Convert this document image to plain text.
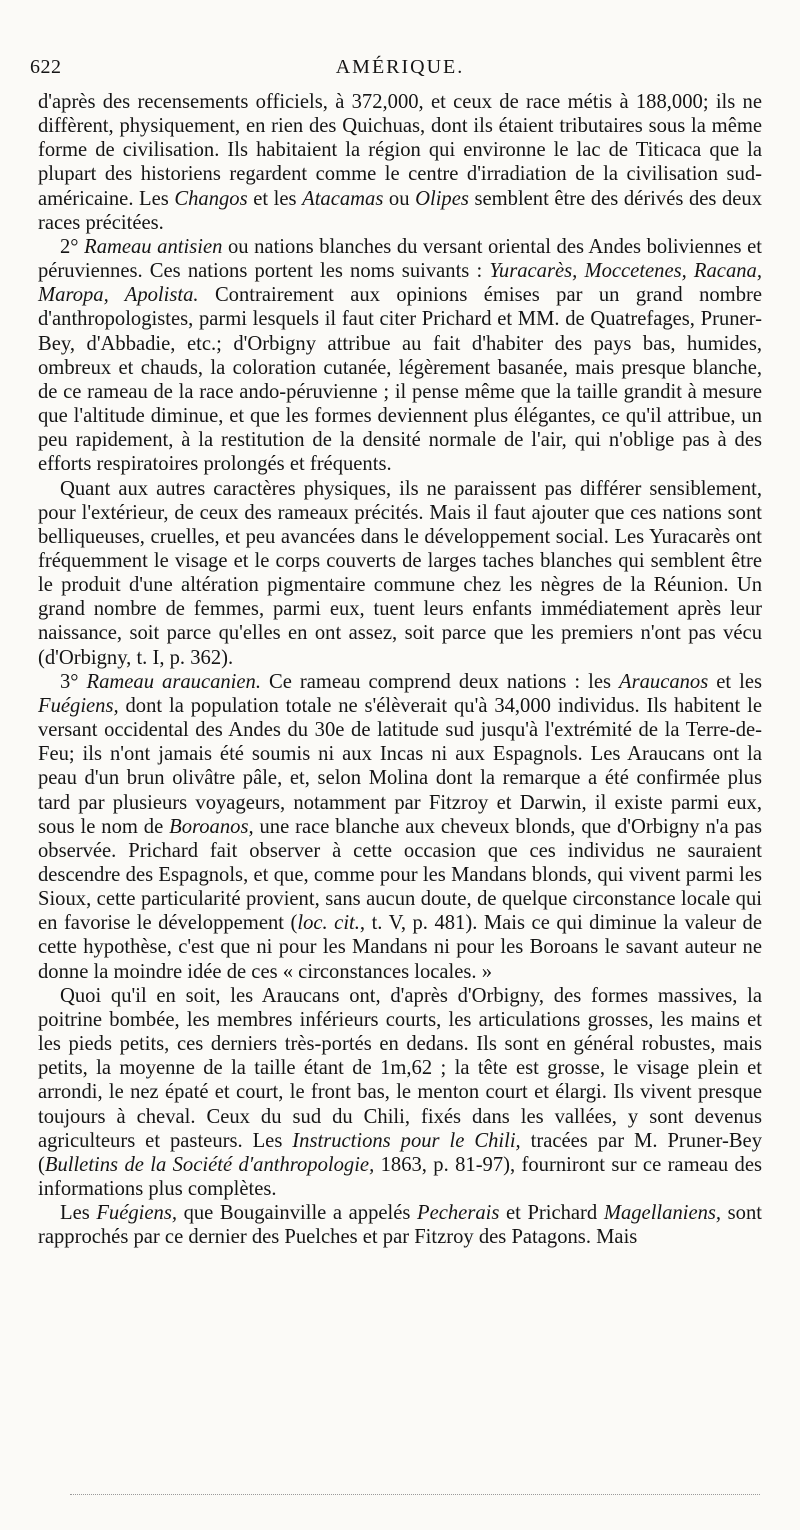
622	AMÉRIQUE.

d'après des recensements officiels, à 372,000, et ceux de race métis à 188,000; ils ne diffèrent, physiquement, en rien des Quichuas, dont ils étaient tributaires sous la même forme de civilisation. Ils habitaient la région qui environne le lac de Titicaca que la plupart des historiens regardent comme le centre d'irradiation de la civilisation sud-américaine. Les Changos et les Atacamas ou Olipes semblent être des dérivés des deux races précitées.

2° Rameau antisien ou nations blanches du versant oriental des Andes boliviennes et péruviennes. Ces nations portent les noms suivants : Yuracarès, Moccetenes, Racana, Maropa, Apolista. Contrairement aux opinions émises par un grand nombre d'anthropologistes, parmi lesquels il faut citer Prichard et MM. de Quatrefages, Pruner-Bey, d'Abbadie, etc.; d'Orbigny attribue au fait d'habiter des pays bas, humides, ombreux et chauds, la coloration cutanée, légèrement basanée, mais presque blanche, de ce rameau de la race ando-péruvienne ; il pense même que la taille grandit à mesure que l'altitude diminue, et que les formes deviennent plus élégantes, ce qu'il attribue, un peu rapidement, à la restitution de la densité normale de l'air, qui n'oblige pas à des efforts respiratoires prolongés et fréquents.

Quant aux autres caractères physiques, ils ne paraissent pas différer sensiblement, pour l'extérieur, de ceux des rameaux précités. Mais il faut ajouter que ces nations sont belliqueuses, cruelles, et peu avancées dans le développement social. Les Yuracarès ont fréquemment le visage et le corps couverts de larges taches blanches qui semblent être le produit d'une altération pigmentaire commune chez les nègres de la Réunion. Un grand nombre de femmes, parmi eux, tuent leurs enfants immédiatement après leur naissance, soit parce qu'elles en ont assez, soit parce que les premiers n'ont pas vécu (d'Orbigny, t. I, p. 362).

3° Rameau araucanien. Ce rameau comprend deux nations : les Araucanos et les Fuégiens, dont la population totale ne s'élèverait qu'à 34,000 individus. Ils habitent le versant occidental des Andes du 30e de latitude sud jusqu'à l'extrémité de la Terre-de-Feu; ils n'ont jamais été soumis ni aux Incas ni aux Espagnols. Les Araucans ont la peau d'un brun olivâtre pâle, et, selon Molina dont la remarque a été confirmée plus tard par plusieurs voyageurs, notamment par Fitzroy et Darwin, il existe parmi eux, sous le nom de Boroanos, une race blanche aux cheveux blonds, que d'Orbigny n'a pas observée. Prichard fait observer à cette occasion que ces individus ne sauraient descendre des Espagnols, et que, comme pour les Mandans blonds, qui vivent parmi les Sioux, cette particularité provient, sans aucun doute, de quelque circonstance locale qui en favorise le développement (loc. cit., t. V, p. 481). Mais ce qui diminue la valeur de cette hypothèse, c'est que ni pour les Mandans ni pour les Boroans le savant auteur ne donne la moindre idée de ces « circonstances locales. »

Quoi qu'il en soit, les Araucans ont, d'après d'Orbigny, des formes massives, la poitrine bombée, les membres inférieurs courts, les articulations grosses, les mains et les pieds petits, ces derniers très-portés en dedans. Ils sont en général robustes, mais petits, la moyenne de la taille étant de 1m,62 ; la tête est grosse, le visage plein et arrondi, le nez épaté et court, le front bas, le menton court et élargi. Ils vivent presque toujours à cheval. Ceux du sud du Chili, fixés dans les vallées, y sont devenus agriculteurs et pasteurs. Les Instructions pour le Chili, tracées par M. Pruner-Bey (Bulletins de la Société d'anthropologie, 1863, p. 81-97), fourniront sur ce rameau des informations plus complètes.

Les Fuégiens, que Bougainville a appelés Pecherais et Prichard Magellaniens, sont rapprochés par ce dernier des Puelches et par Fitzroy des Patagons. Mais
